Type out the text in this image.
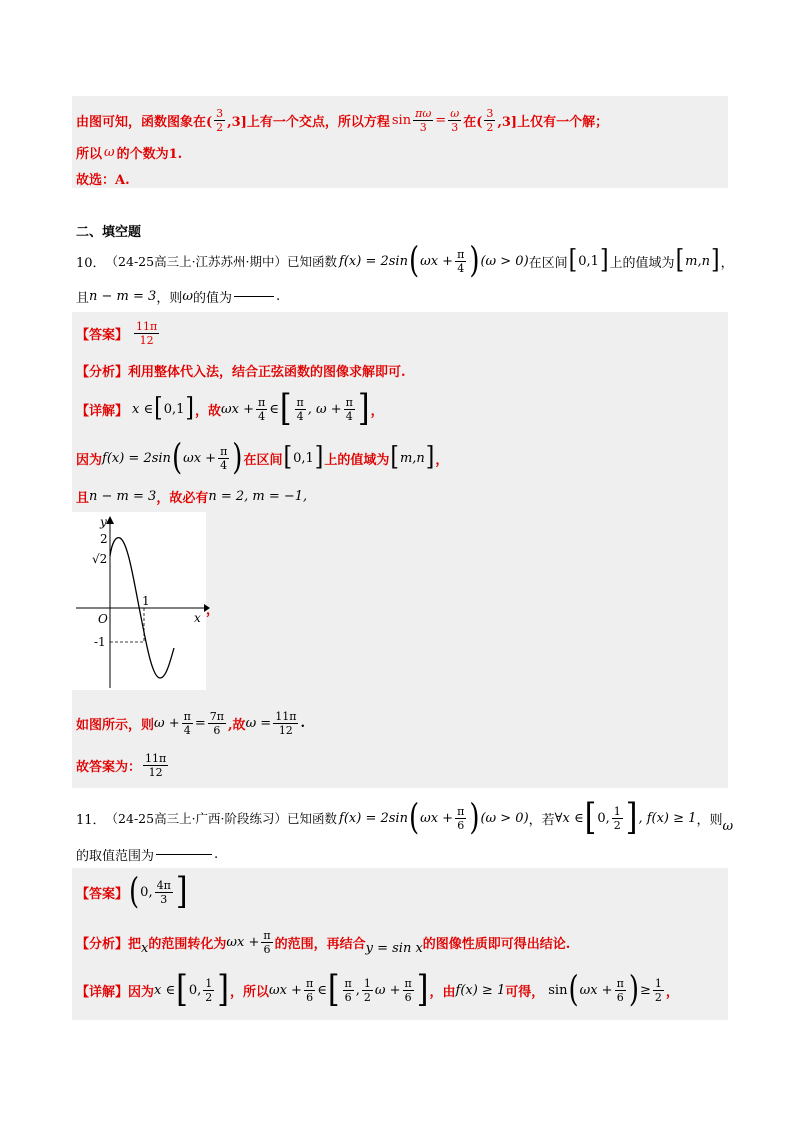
由图可知，函数图象在( $\frac{3}{2} ,3$]上有一个交点，所以方程 $\sin \frac{\pi\omega}{3} = \frac{\omega}{3}$ 在( $\frac{3}{2} ,3$]上仅有一个解；
所以 ω 的个数为1.
故选：A.
二、填空题
10． （24-25高三上·江苏苏州·期中）已知函数 f(x) = 2sin ( $\omega x + \frac{\pi}{4}$ ) (ω > 0) 在区间 [ 0,1 ] 上的值域为 [ m,n ] ，
且 n − m = 3 ，则 ω 的值为	.
【答案】 $\frac{11\pi}{12}$
【分析】 利用整体代入法，结合正弦函数的图像求解即可.
【详解】 x ∈ [ 0,1 ] ，故 $\omega x + \frac{\pi}{4}$ ∈ [ $\frac{\pi}{4}$ , $\omega + \frac{\pi}{4}$ ] ，
因为 f(x) = 2sin ( $\omega x + \frac{\pi}{4}$ ) 在区间 [ 0,1 ] 上的值域为 [ m,n ] ，
且 n − m = 3 ，故必有 n = 2, m = −1,
y
x
O
2
√2
1
-1
，
如图所示，则 $\omega + \frac{\pi}{4} = \frac{7\pi}{6}$ ,故 $\omega = \frac{11\pi}{12}$ .
故答案为： $\frac{11\pi}{12}$
11． （24-25高三上·广西·阶段练习）已知函数 f(x) = 2sin ( $\omega x + \frac{\pi}{6}$ ) (ω > 0) ，若 ∀x ∈ [ 0, $\frac{1}{2}$ ] , f(x) ≥ 1 ，则 ω
的取值范围为	.
【答案】 ( 0, $\frac{4\pi}{3}$ ]
【分析】 把 x 的范围转化为 $\omega x + \frac{\pi}{6}$ 的范围，再结合 y = sin x 的图像性质即可得出结论.
【详解】 因为 x ∈ [ 0, $\frac{1}{2}$ ] ，所以 $\omega x + \frac{\pi}{6}$ ∈ [ $\frac{\pi}{6}$ , $\frac{1}{2}$ $\omega + \frac{\pi}{6}$ ] ，由 f(x) ≥ 1 可得， sin ( $\omega x + \frac{\pi}{6}$ ) ≥ $\frac{1}{2}$ ，
